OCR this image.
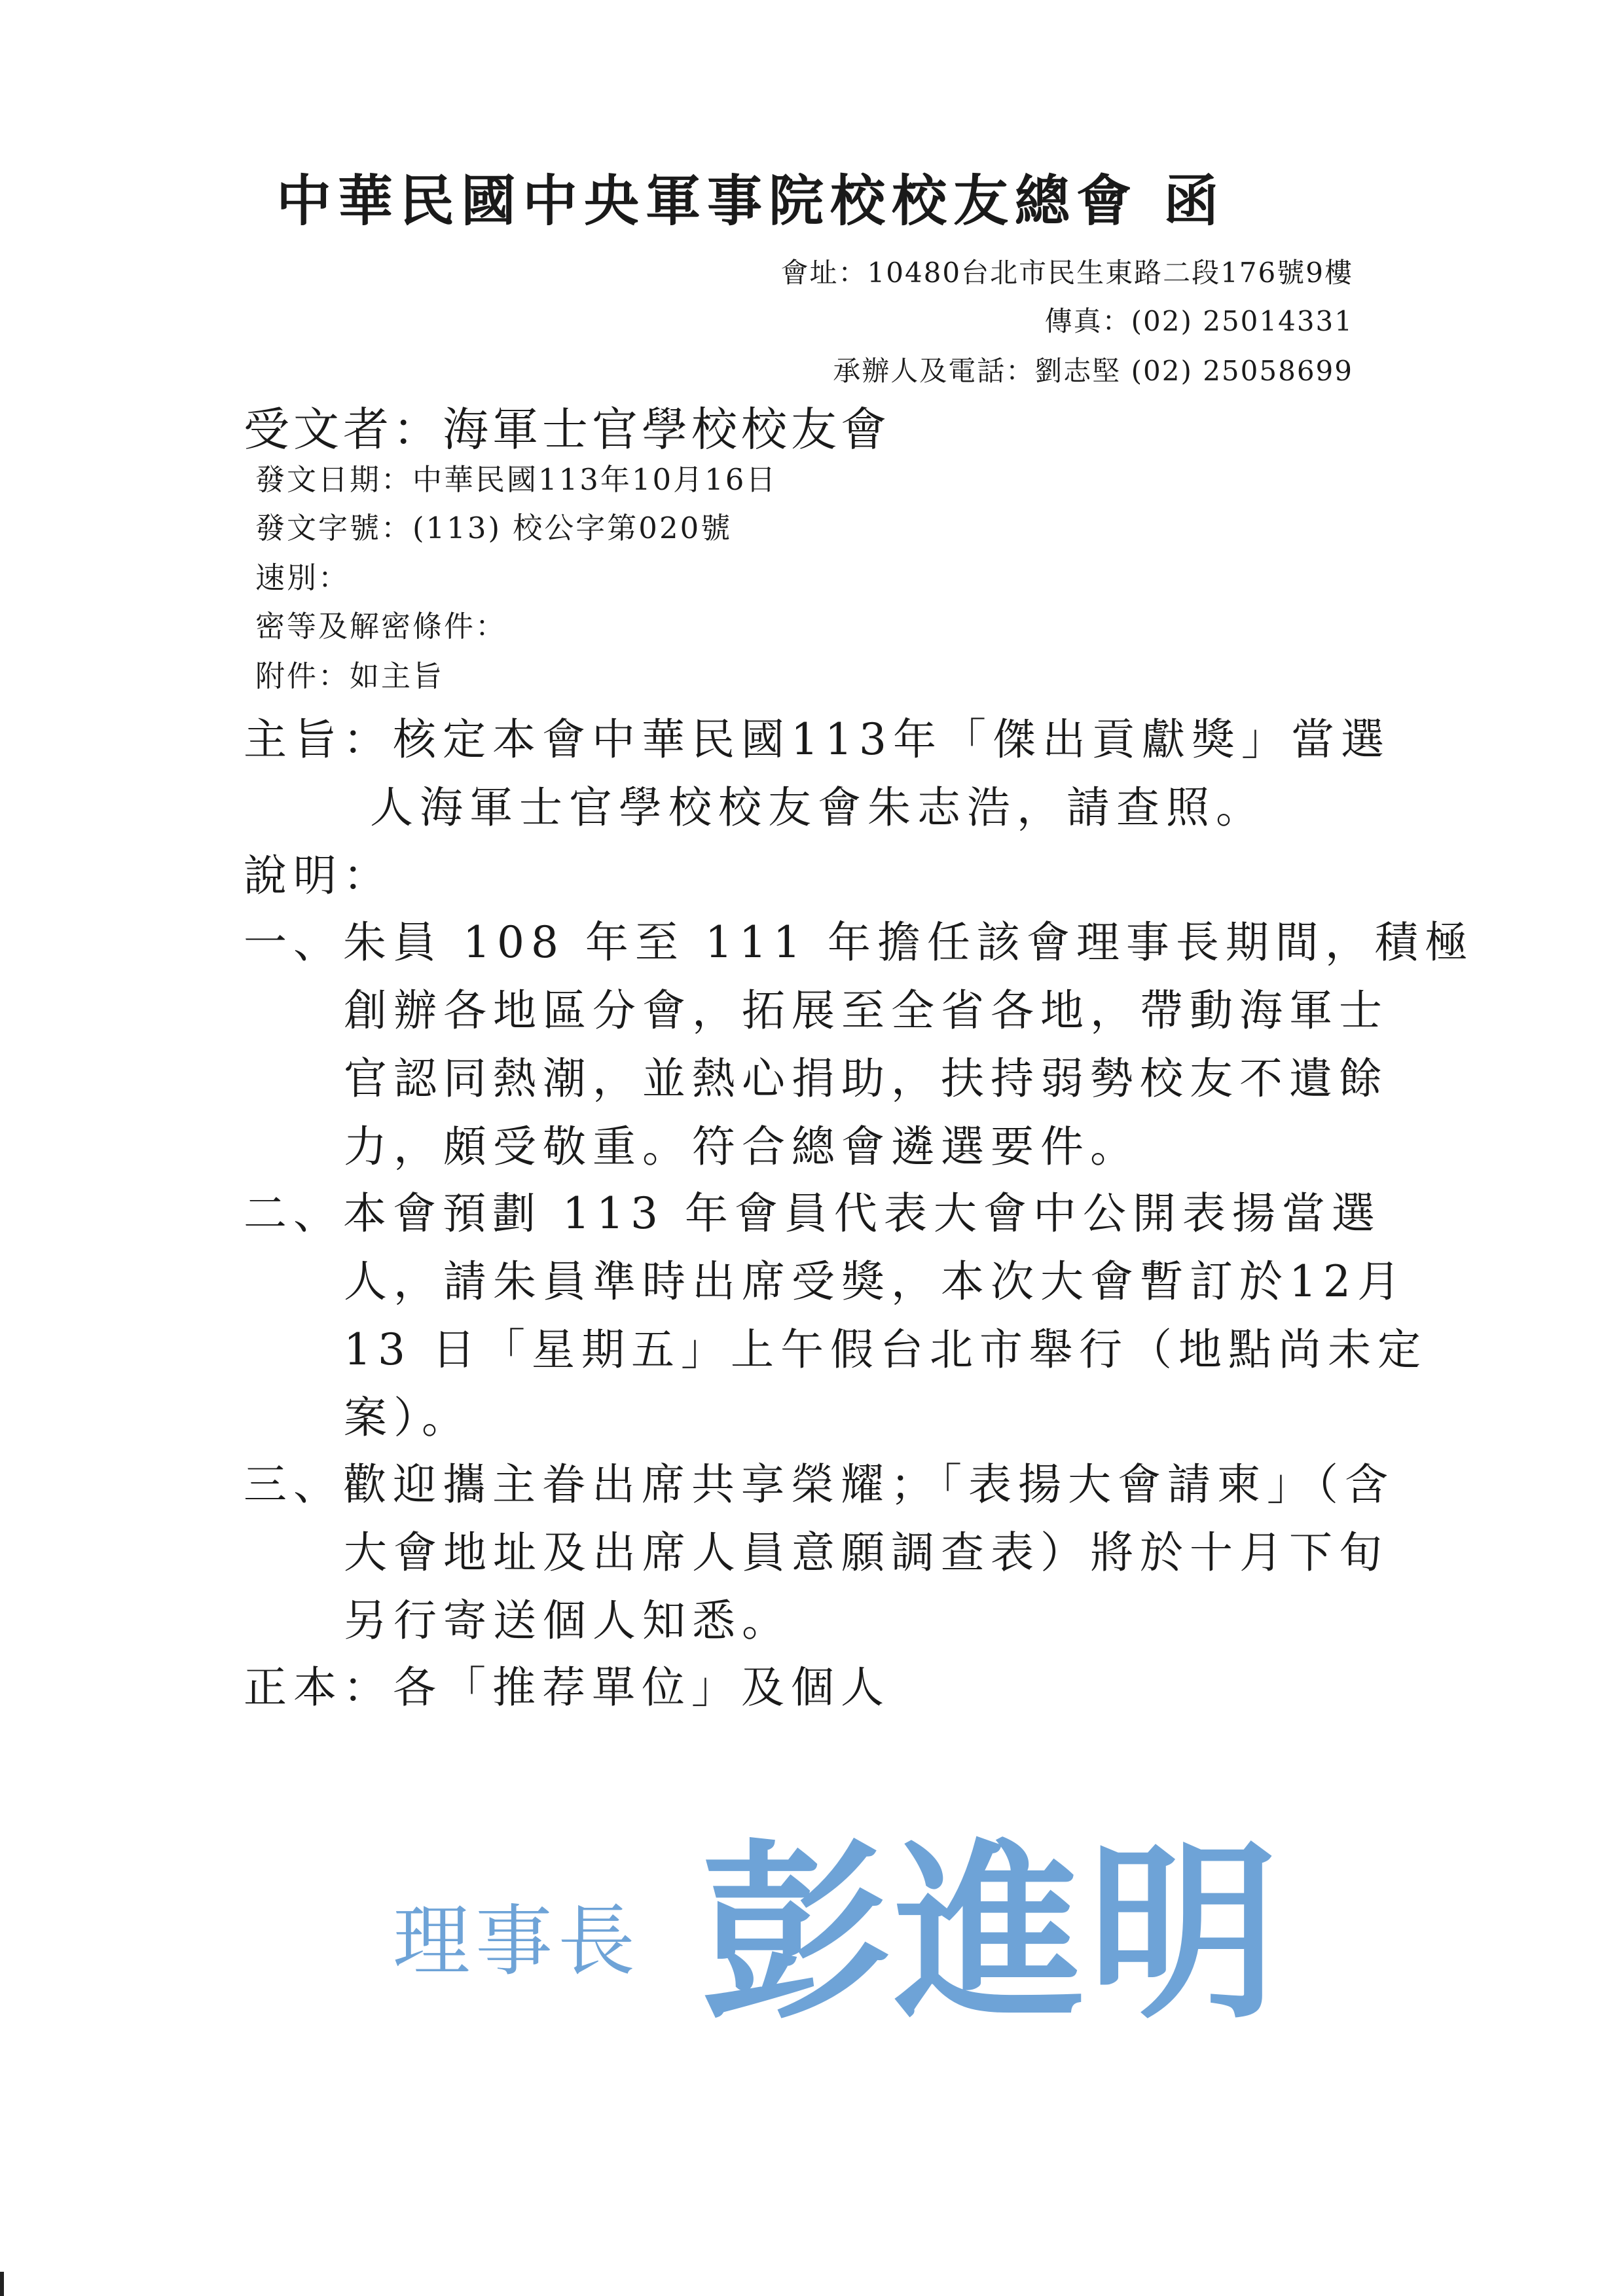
中華民國中央軍事院校校友總會 函
會址：10480台北市民生東路二段176號9樓
傳真：(02) 25014331
承辦人及電話：劉志堅 (02) 25058699
受文者：海軍士官學校校友會
發文日期：中華民國113年10月16日
發文字號：(113) 校公字第020號
速別：
密等及解密條件：
附件：如主旨
主旨：核定本會中華民國113年「傑出貢獻獎」當選
人海軍士官學校校友會朱志浩，請查照。
說明：
一、朱員 108 年至 111 年擔任該會理事長期間，積極
創辦各地區分會，拓展至全省各地，帶動海軍士
官認同熱潮，並熱心捐助，扶持弱勢校友不遺餘
力，頗受敬重。符合總會遴選要件。
二、本會預劃 113 年會員代表大會中公開表揚當選
人，請朱員準時出席受獎，本次大會暫訂於12月
13 日「星期五」上午假台北市舉行（地點尚未定
案）。
三、歡迎攜主眷出席共享榮耀；「表揚大會請柬」（含
大會地址及出席人員意願調查表）將於十月下旬
另行寄送個人知悉。
正本：各「推荐單位」及個人
理事長 彭進明
